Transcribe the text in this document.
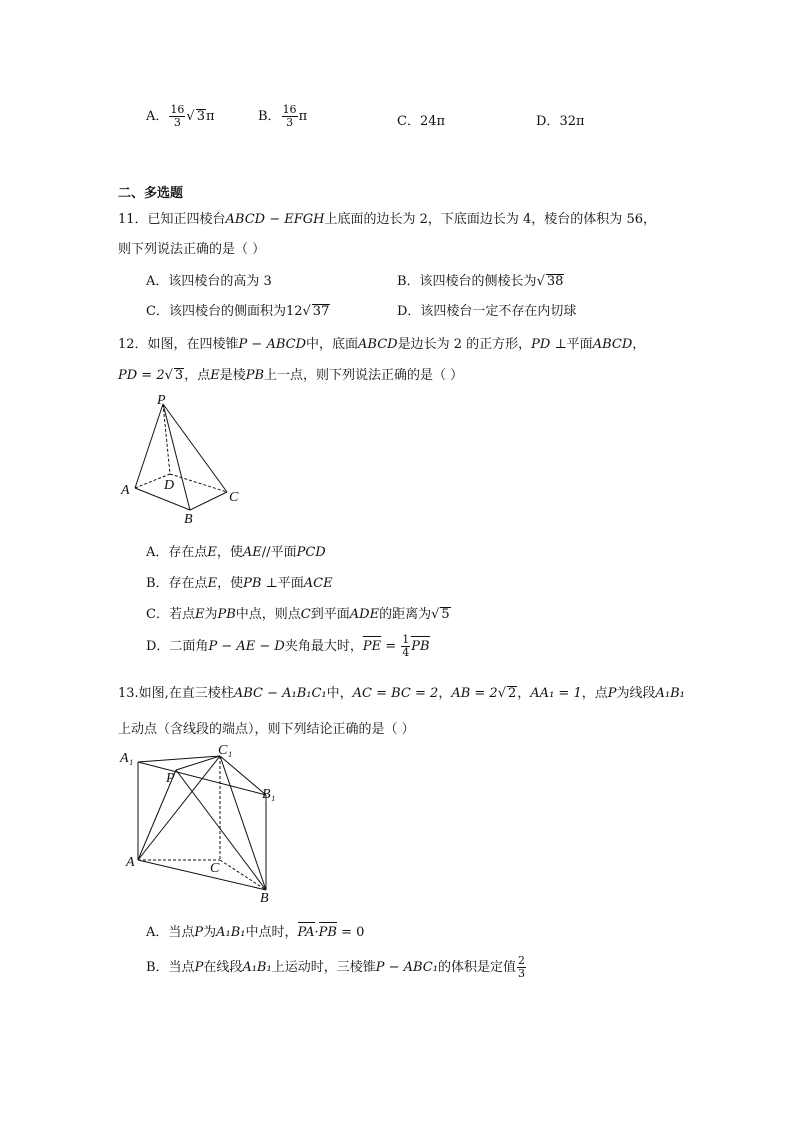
A． $\frac{16}{3}$ √ 3π	B． $\frac{16}{3}$ π	C．24π	D．32π
二、多选题
11．已知正四棱台ABCD − EFGH上底面的边长为 2，下底面边长为 4，棱台的体积为 56，
则下列说法正确的是（ ）
A．该四棱台的高为 3	B．该四棱台的侧棱长为√ 38
C．该四棱台的侧面积为12√ 37	D．该四棱台一定不存在内切球
12．如图，在四棱锥P − ABCD中，底面ABCD是边长为 2 的正方形，PD ⊥平面ABCD，
PD = 2√ 3，点E是棱PB上一点，则下列说法正确的是（ ）
P
A D
C
B
A．存在点E，使AE//平面PCD
B．存在点E，使PB ⊥平面ACE
C．若点E为PB中点，则点C到平面ADE的距离为√ 5
D．二面角P − AE − D夹角最大时，PE = $\frac{1}{4}$ PB
13.如图,在直三棱柱ABC − A₁B₁C₁中，AC = BC = 2，AB = 2√ 2，AA₁ = 1，点P为线段A₁B₁
上动点（含线段的端点），则下列结论正确的是（ ）
A₁
C₁
P
B₁
A	C
B
A．当点P为A₁B₁中点时，PA·PB = 0
B．当点P在线段A₁B₁上运动时，三棱锥P − ABC₁的体积是定值 $\frac{2}{3}$
